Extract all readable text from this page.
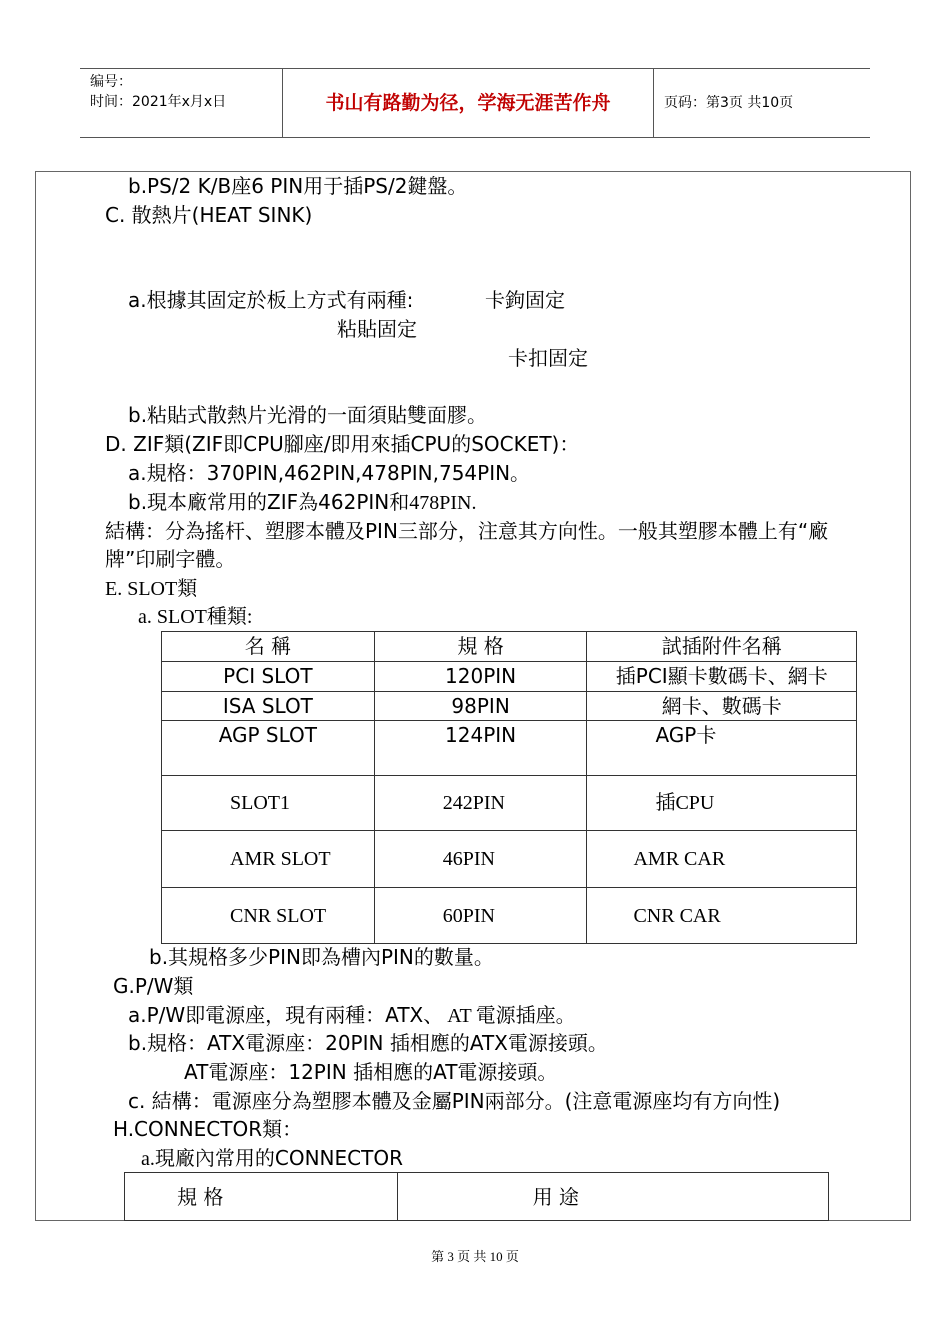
编号：
时间：2021年x月x日	书山有路勤为径，学海无涯苦作舟	页码：第3页 共10页
b.PS/2 K/B座6 PIN用于插PS/2鍵盤。
C. 散熱片(HEAT SINK)
a.根據其固定於板上方式有兩種:	卡鉤固定
粘貼固定
卡扣固定
b.粘貼式散熱片光滑的一面須貼雙面膠。
D. ZIF類(ZIF即CPU腳座/即用來插CPU的SOCKET)：
a.規格：370PIN,462PIN,478PIN,754PIN。
b.現本廠常用的ZIF為462PIN和478PIN.
結構：分為搖杆、塑膠本體及PIN三部分，注意其方向性。一般其塑膠本體上有“廠
牌”印刷字體。
E. SLOT類
a. SLOT種類:
名 稱	規 格	試插附件名稱
PCI SLOT	120PIN	插PCI顯卡數碼卡、網卡
ISA SLOT	98PIN	網卡、數碼卡
AGP SLOT	124PIN	AGP卡
SLOT1	242PIN	插CPU
AMR SLOT	46PIN	AMR CAR
CNR SLOT	60PIN	CNR CAR
b.其規格多少PIN即為槽內PIN的數量。
G.P/W類
a.P/W即電源座，現有兩種：ATX、 AT 電源插座。
b.規格：ATX電源座：20PIN 插相應的ATX電源接頭。
AT電源座：12PIN 插相應的AT電源接頭。
c. 結構：電源座分為塑膠本體及金屬PIN兩部分。(注意電源座均有方向性)
H.CONNECTOR類：
a.現廠內常用的CONNECTOR
規 格	用 途
第 3 页 共 10 页
